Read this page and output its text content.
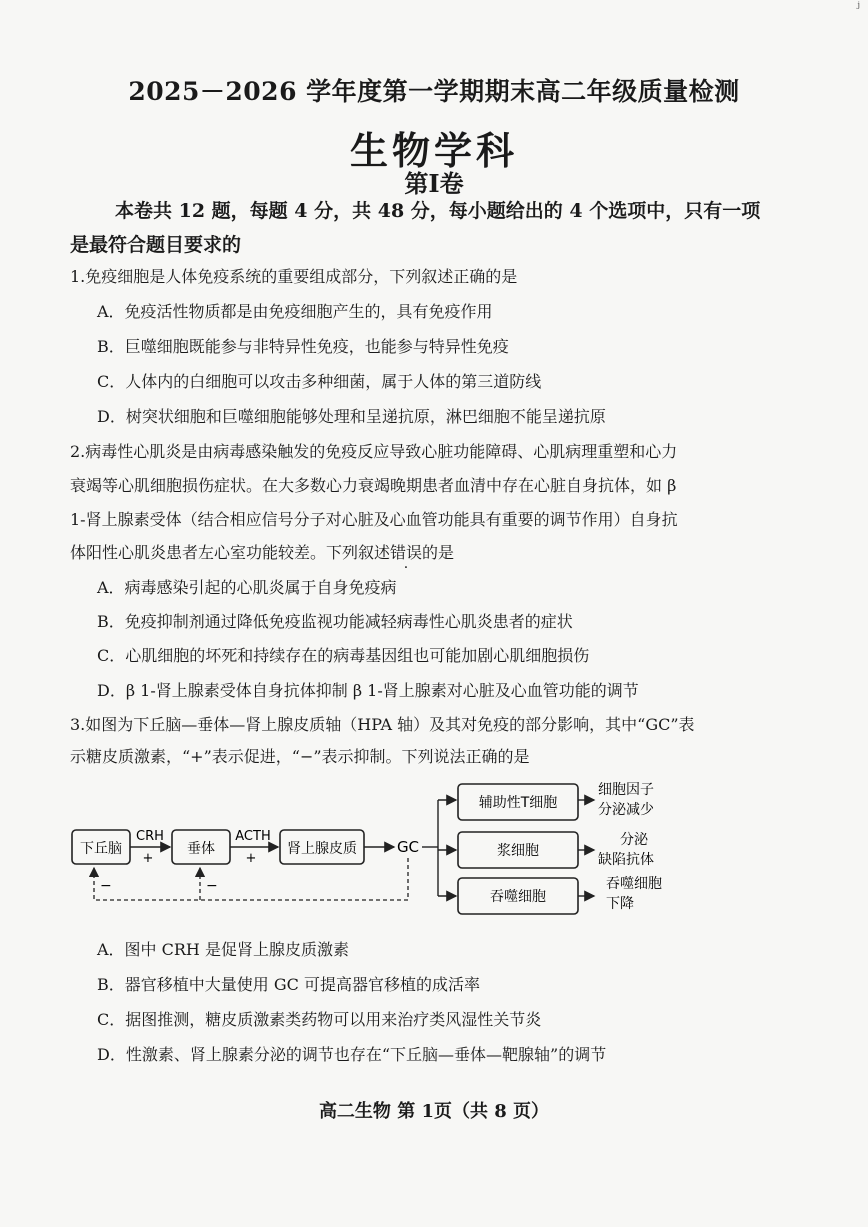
ʲ
2025－2026 学年度第一学期期末高二年级质量检测
生物学科
第Ⅰ卷
本卷共 12 题，每题 4 分，共 48 分，每小题给出的 4 个选项中，只有一项
是最符合题目要求的
1.免疫细胞是人体免疫系统的重要组成部分，下列叙述正确的是
A．免疫活性物质都是由免疫细胞产生的，具有免疫作用
B．巨噬细胞既能参与非特异性免疫，也能参与特异性免疫
C．人体内的白细胞可以攻击多种细菌，属于人体的第三道防线
D．树突状细胞和巨噬细胞能够处理和呈递抗原，淋巴细胞不能呈递抗原
2.病毒性心肌炎是由病毒感染触发的免疫反应导致心脏功能障碍、心肌病理重塑和心力
衰竭等心肌细胞损伤症状。在大多数心力衰竭晚期患者血清中存在心脏自身抗体，如 β
1-肾上腺素受体（结合相应信号分子对心脏及心血管功能具有重要的调节作用）自身抗
体阳性心肌炎患者左心室功能较差。下列叙述错误的是
A．病毒感染引起的心肌炎属于自身免疫病
B．免疫抑制剂通过降低免疫监视功能减轻病毒性心肌炎患者的症状
C．心肌细胞的坏死和持续存在的病毒基因组也可能加剧心肌细胞损伤
D．β 1-肾上腺素受体自身抗体抑制 β 1-肾上腺素对心脏及心血管功能的调节
3.如图为下丘脑—垂体—肾上腺皮质轴（HPA 轴）及其对免疫的部分影响，其中“GC”表
示糖皮质激素，“+”表示促进，“−”表示抑制。下列说法正确的是
下丘脑	垂体	肾上腺皮质
CRH
+
ACTH
+
GC
辅助性T细胞
浆细胞
吞噬细胞
细胞因子
分泌减少
分泌
缺陷抗体
吞噬细胞
下降
−	−
A．图中 CRH 是促肾上腺皮质激素
B．器官移植中大量使用 GC 可提高器官移植的成活率
C．据图推测，糖皮质激素类药物可以用来治疗类风湿性关节炎
D．性激素、肾上腺素分泌的调节也存在“下丘脑—垂体—靶腺轴”的调节
高二生物 第 1页（共 8 页）
